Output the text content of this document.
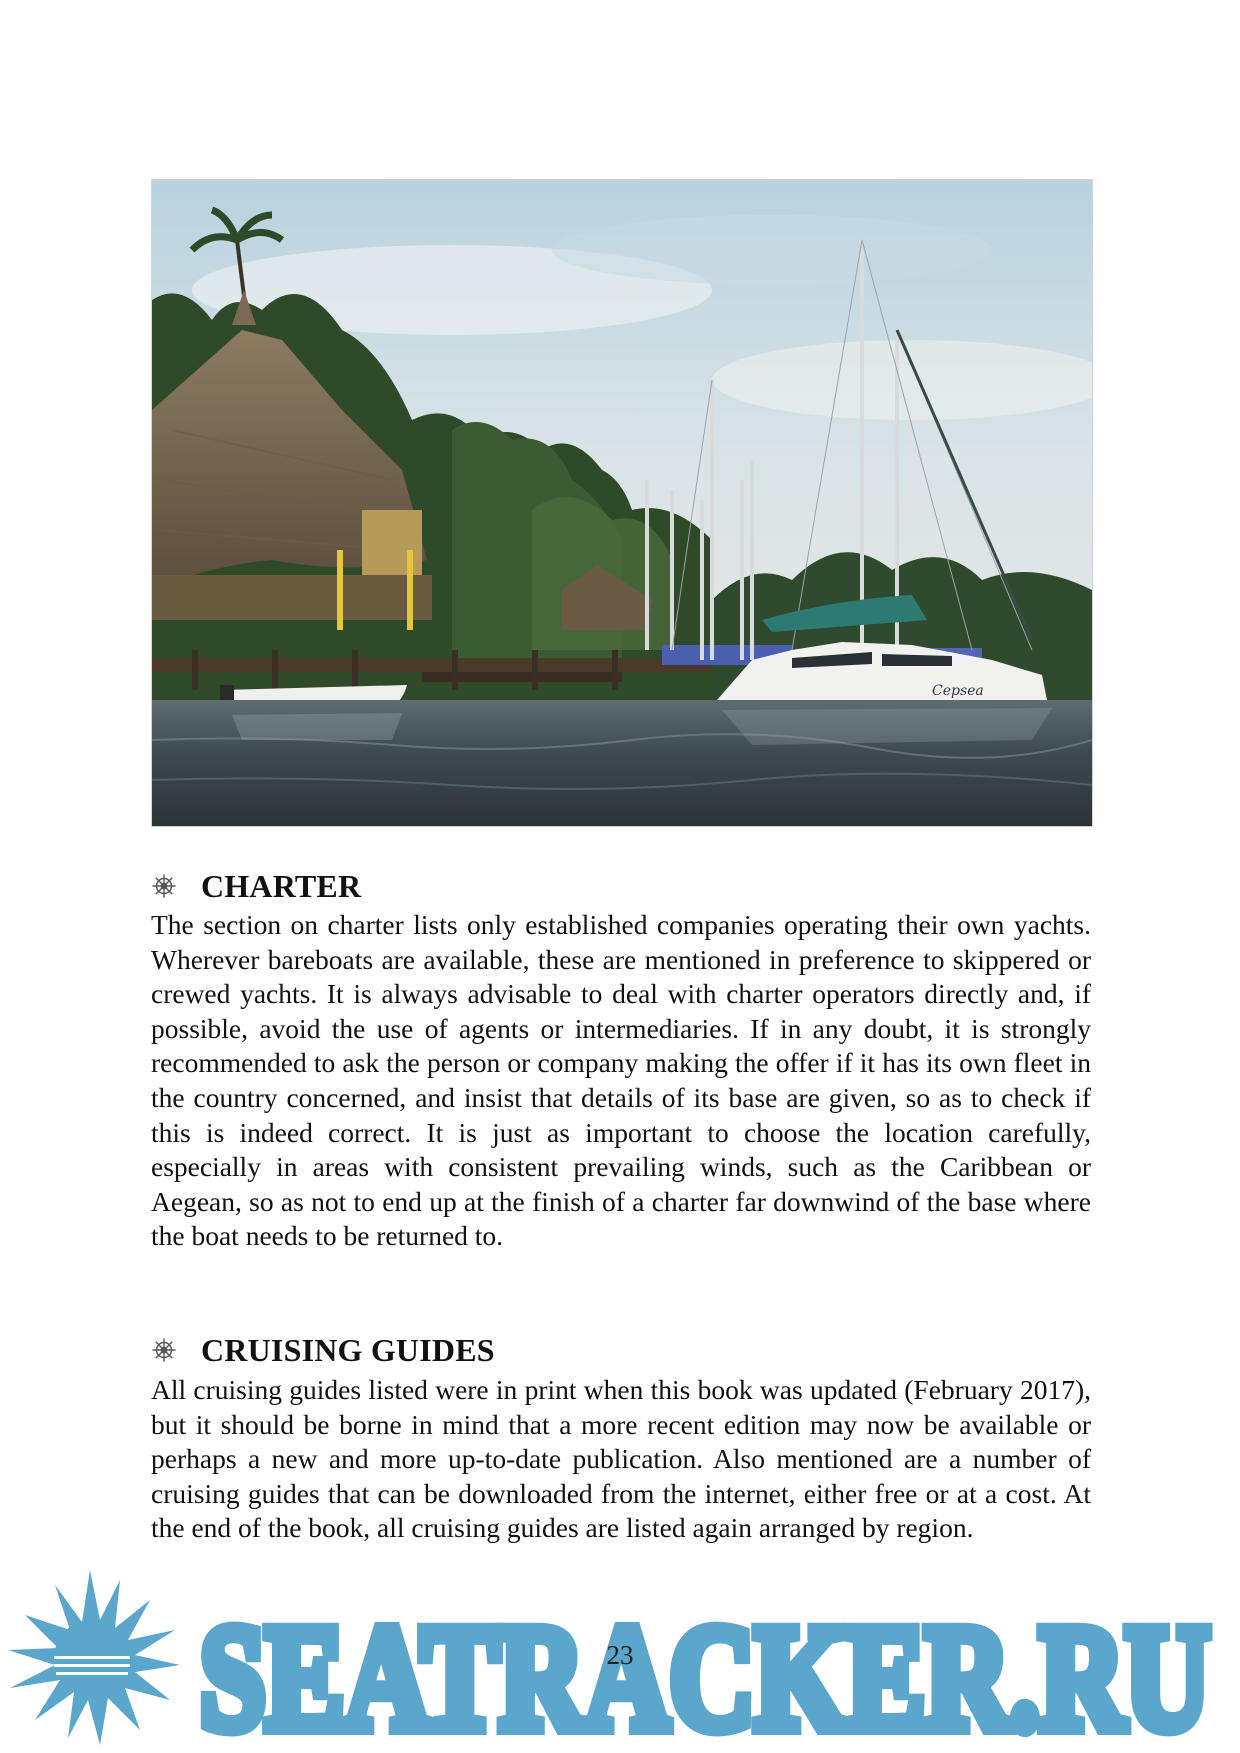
Cepsea
CHARTER

The section on charter lists only established companies operating their own yachts. Wherever bareboats are available, these are mentioned in preference to skippered or crewed yachts. It is always advisable to deal with charter operators directly and, if possible, avoid the use of agents or intermediaries. If in any doubt, it is strongly recommended to ask the person or company making the offer if it has its own fleet in the country concerned, and insist that details of its base are given, so as to check if this is indeed correct. It is just as important to choose the location carefully, especially in areas with consistent prevailing winds, such as the Caribbean or Aegean, so as not to end up at the finish of a charter far downwind of the base where the boat needs to be returned to.

CRUISING GUIDES

All cruising guides listed were in print when this book was updated (February 2017), but it should be borne in mind that a more recent edition may now be available or perhaps a new and more up-to-date publication. Also mentioned are a number of cruising guides that can be downloaded from the internet, either free or at a cost. At the end of the book, all cruising guides are listed again arranged by region.

SEATRACKER.RU
SEATRACKER.RU
23
